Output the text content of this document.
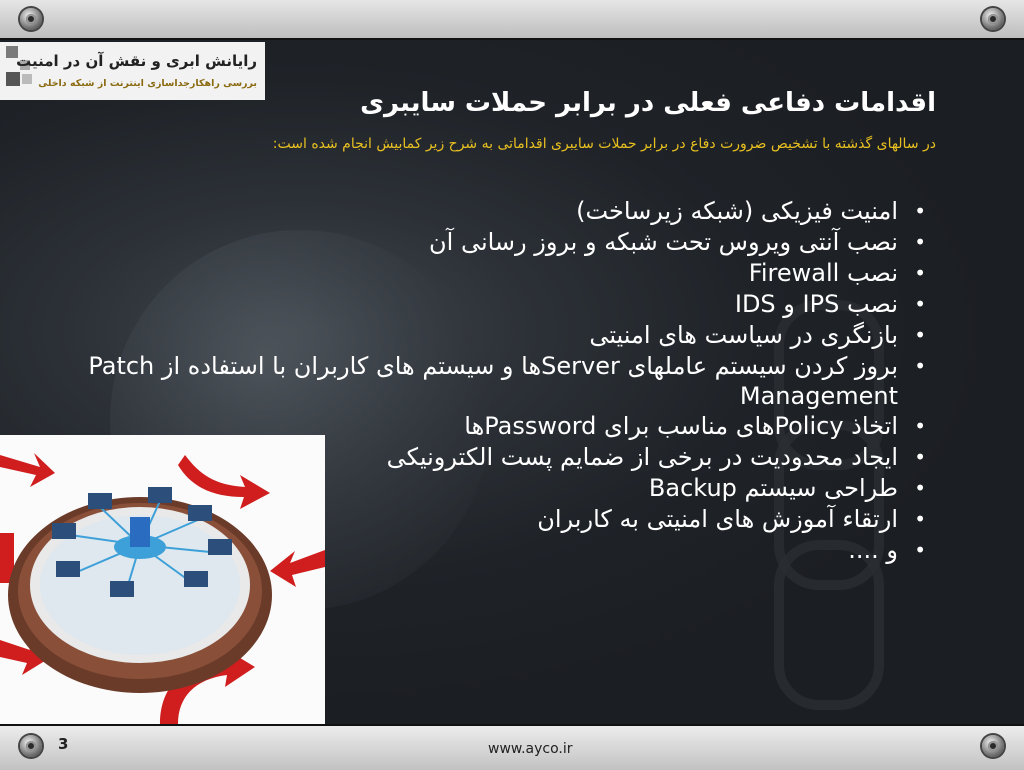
رایانش ابری و نقش آن در امنیت
بررسی راهکارجداسازی اینترنت از شبکه داخلی
اقدامات دفاعی فعلی در برابر حملات سایبری
در سالهای گذشته با تشخیص ضرورت دفاع در برابر حملات سایبری اقداماتی به شرح زیر کمابیش انجام شده است:
•
امنیت فیزیکی (شبکه زیرساخت)
•
نصب آنتی ویروس تحت شبکه و بروز رسانی آن
•
نصب Firewall
•
نصب IPS و IDS
•
بازنگری در سیاست های امنیتی
•
بروز کردن سیستم عاملهای Serverها و سیستم های کاربران با استفاده از Patch Management
•
اتخاذ Policyهای مناسب برای Passwordها
•
ایجاد محدودیت در برخی از ضمایم پست الکترونیکی
•
طراحی سیستم Backup
•
ارتقاء آموزش های امنیتی به کاربران
•
و ....
3	www.ayco.ir
